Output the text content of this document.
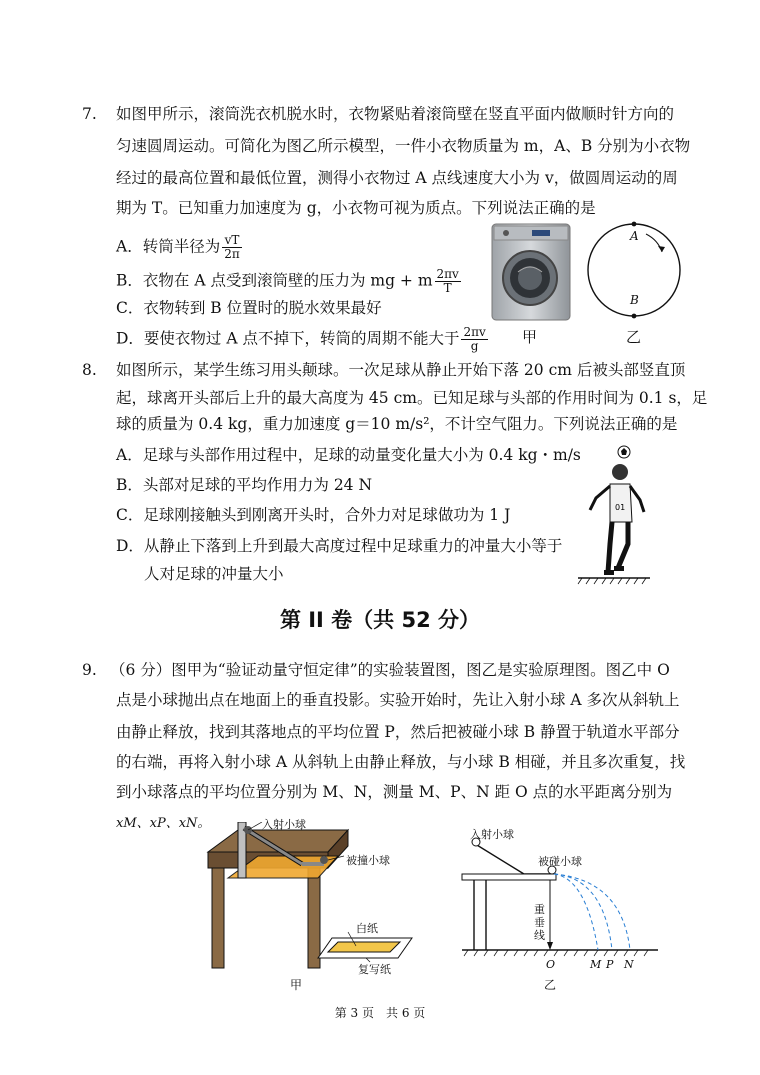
7. 如图甲所示，滚筒洗衣机脱水时，衣物紧贴着滚筒壁在竖直平面内做顺时针方向的
匀速圆周运动。可简化为图乙所示模型，一件小衣物质量为 m，A、B 分别为小衣物
经过的最高位置和最低位置，测得小衣物过 A 点线速度大小为 v，做圆周运动的周
期为 T。已知重力加速度为 g，小衣物可视为质点。下列说法正确的是
A．转筒半径为 $\frac{vT}{2\pi}$
B．衣物在 A 点受到滚筒壁的压力为 mg + m $\frac{2\pi v}{T}$
C．衣物转到 B 位置时的脱水效果最好
D．要使衣物过 A 点不掉下，转筒的周期不能大于 $\frac{2\pi v}{g}$ 甲
A
B
乙
8. 如图所示，某学生练习用头颠球。一次足球从静止开始下落 20 cm 后被头部竖直顶
起，球离开头部后上升的最大高度为 45 cm。已知足球与头部的作用时间为 0.1 s，足
球的质量为 0.4 kg，重力加速度 g＝10 m/s²，不计空气阻力。下列说法正确的是
A．足球与头部作用过程中，足球的动量变化量大小为 0.4 kg・m/s
B．头部对足球的平均作用力为 24 N
C．足球刚接触头到刚离开头时，合外力对足球做功为 1 J
D．从静止下落到上升到最大高度过程中足球重力的冲量大小等于
人对足球的冲量大小
01
第 II 卷（共 52 分）
9. （6 分）图甲为“验证动量守恒定律”的实验装置图，图乙是实验原理图。图乙中 O
点是小球抛出点在地面上的垂直投影。实验开始时，先让入射小球 A 多次从斜轨上
由静止释放，找到其落地点的平均位置 P，然后把被碰小球 B 静置于轨道水平部分
的右端，再将入射小球 A 从斜轨上由静止释放，与小球 B 相碰，并且多次重复，找
到小球落点的平均位置分别为 M、N，测量 M、P、N 距 O 点的水平距离分别为
xM、xP、xN。	入射小球
被撞小球
白纸
复写纸
甲
入射小球
被碰小球
重垂线
O	M P N
乙
第 3 页　共 6 页
